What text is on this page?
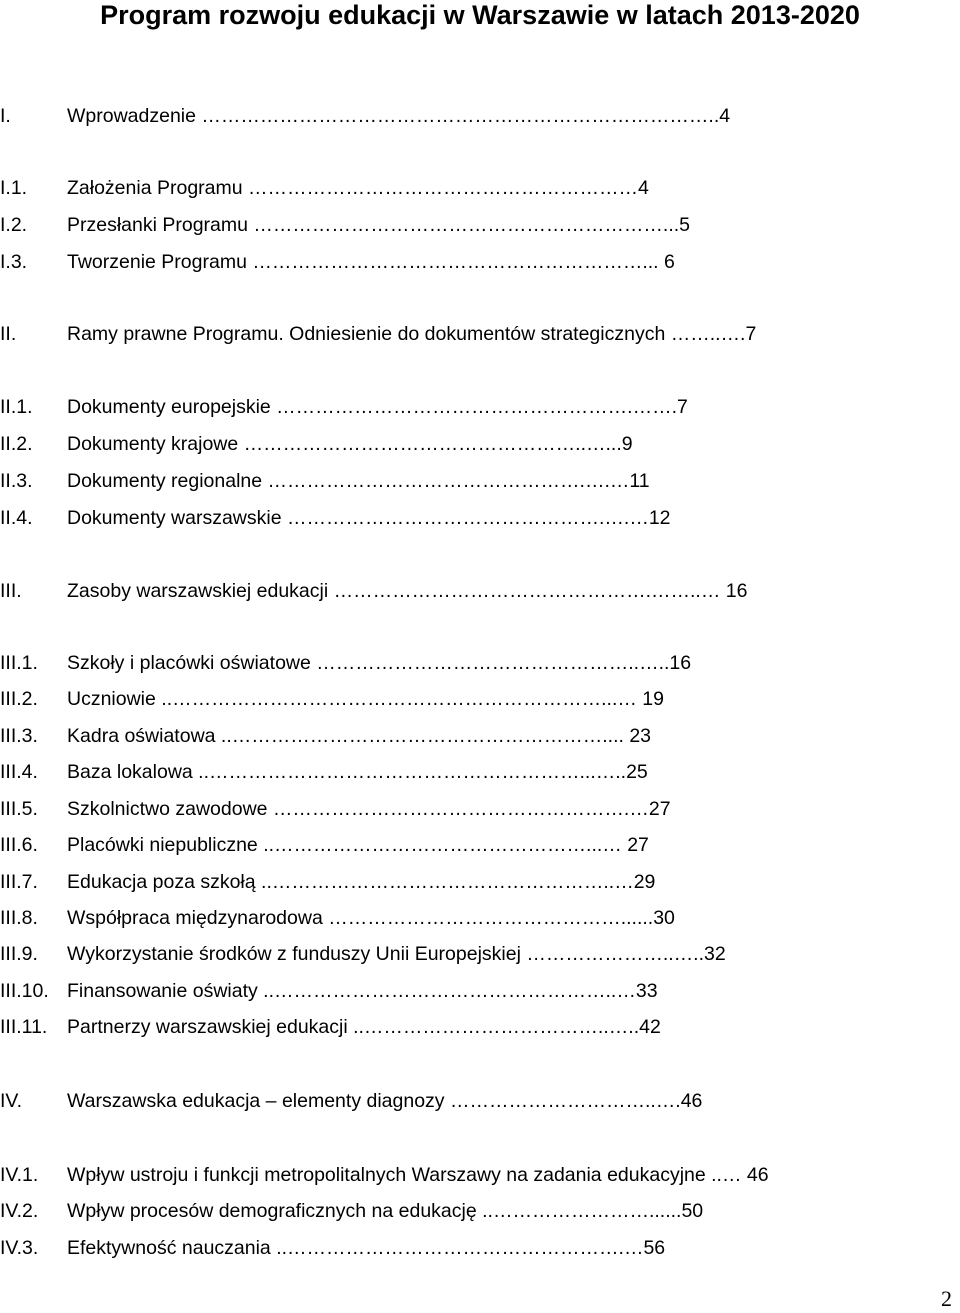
Program rozwoju edukacji w Warszawie w latach 2013-2020
I.	Wprowadzenie ……………………………………………………………………..4
I.1. Założenia Programu ……………………………………………………4
I.2. Przesłanki Programu ………………………………………………………...5
I.3. Tworzenie Programu ……………………………………………………... 6
II.	Ramy prawne Programu. Odniesienie do dokumentów strategicznych ……..….7
II.1. Dokumenty europejskie ……………………………………………….…….7
II.2. Dokumenty krajowe ……………………………………………..…...9
II.3. Dokumenty regionalne ………………………………………….….…11
II.4. Dokumenty warszawskie ………………………………………….….…12
III. Zasoby warszawskiej edukacji ………………………………………….……..… 16
III.1. Szkoły i placówki oświatowe …………………………………………..…..16
III.2. Uczniowie ..…………………………………………………………...… 19
III.3. Kadra oświatowa ..………………………………………………….... 23
III.4. Baza lokalowa ..…………………………………………………...…..25
III.5. Szkolnictwo zawodowe ……………………………………………….…27
III.6. Placówki niepubliczne ..…………………………………………...… 27
III.7. Edukacja poza szkołą ..……………………………………………..…29
III.8. Współpraca międzynarodowa ………………………………………......30
III.9. Wykorzystanie środków z funduszy Unii Europejskiej …………………..…..32
III.10. Finansowanie oświaty ..……………………………………………..…33
III.11. Partnerzy warszawskiej edukacji ..………………………………..…..42
IV. Warszawska edukacja – elementy diagnozy …………………………..….46
IV.1. Wpływ ustroju i funkcji metropolitalnych Warszawy na zadania edukacyjne ..… 46
IV.2. Wpływ procesów demograficznych na edukację ..……………………......50
IV.3. Efektywność nauczania ..…………………………………………….…56
2
